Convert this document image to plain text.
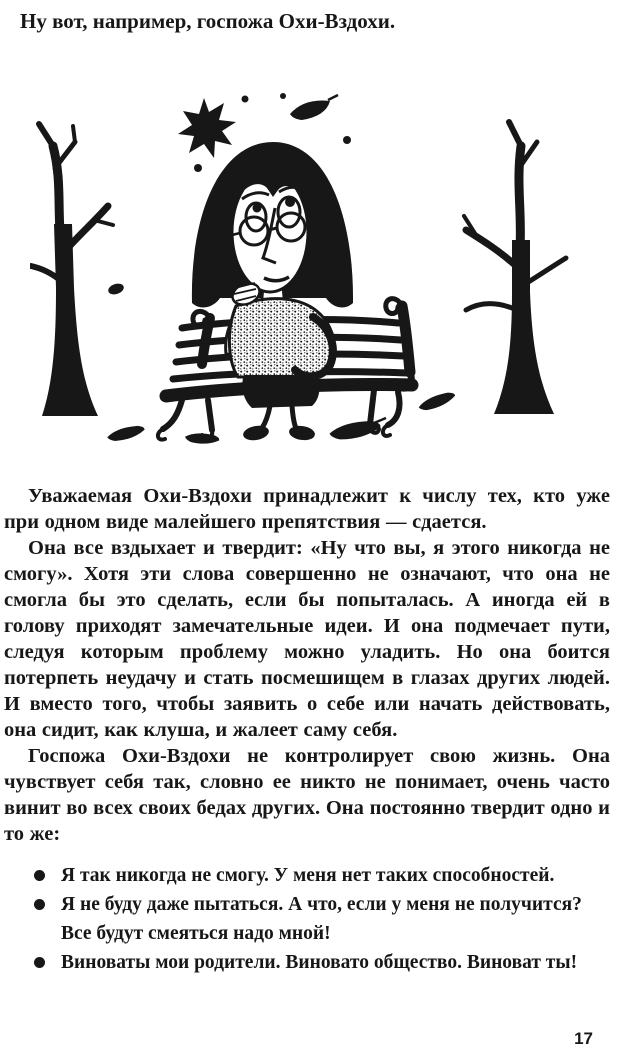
Ну вот, например, госпожа Охи-Вздохи.

Уважаемая Охи-Вздохи принадлежит к числу тех, кто уже при одном виде малейшего препятствия — сдается.

Она все вздыхает и твердит: «Ну что вы, я этого никогда не смогу». Хотя эти слова совершенно не означают, что она не смогла бы это сделать, если бы попыталась. А иногда ей в голову приходят замечательные идеи. И она подмечает пути, следуя которым проблему можно уладить. Но она боится потерпеть неудачу и стать посмешищем в глазах других людей. И вместо того, чтобы заявить о себе или начать действовать, она сидит, как клуша, и жалеет саму себя.

Госпожа Охи-Вздохи не контролирует свою жизнь. Она чувствует себя так, словно ее никто не понимает, очень часто винит во всех своих бедах других. Она постоянно твердит одно и то же:

Я так никогда не смогу. У меня нет таких способностей.
Я не буду даже пытаться. А что, если у меня не получится? Все будут смеяться надо мной!
Виноваты мои родители. Виновато общество. Виноват ты!
17
